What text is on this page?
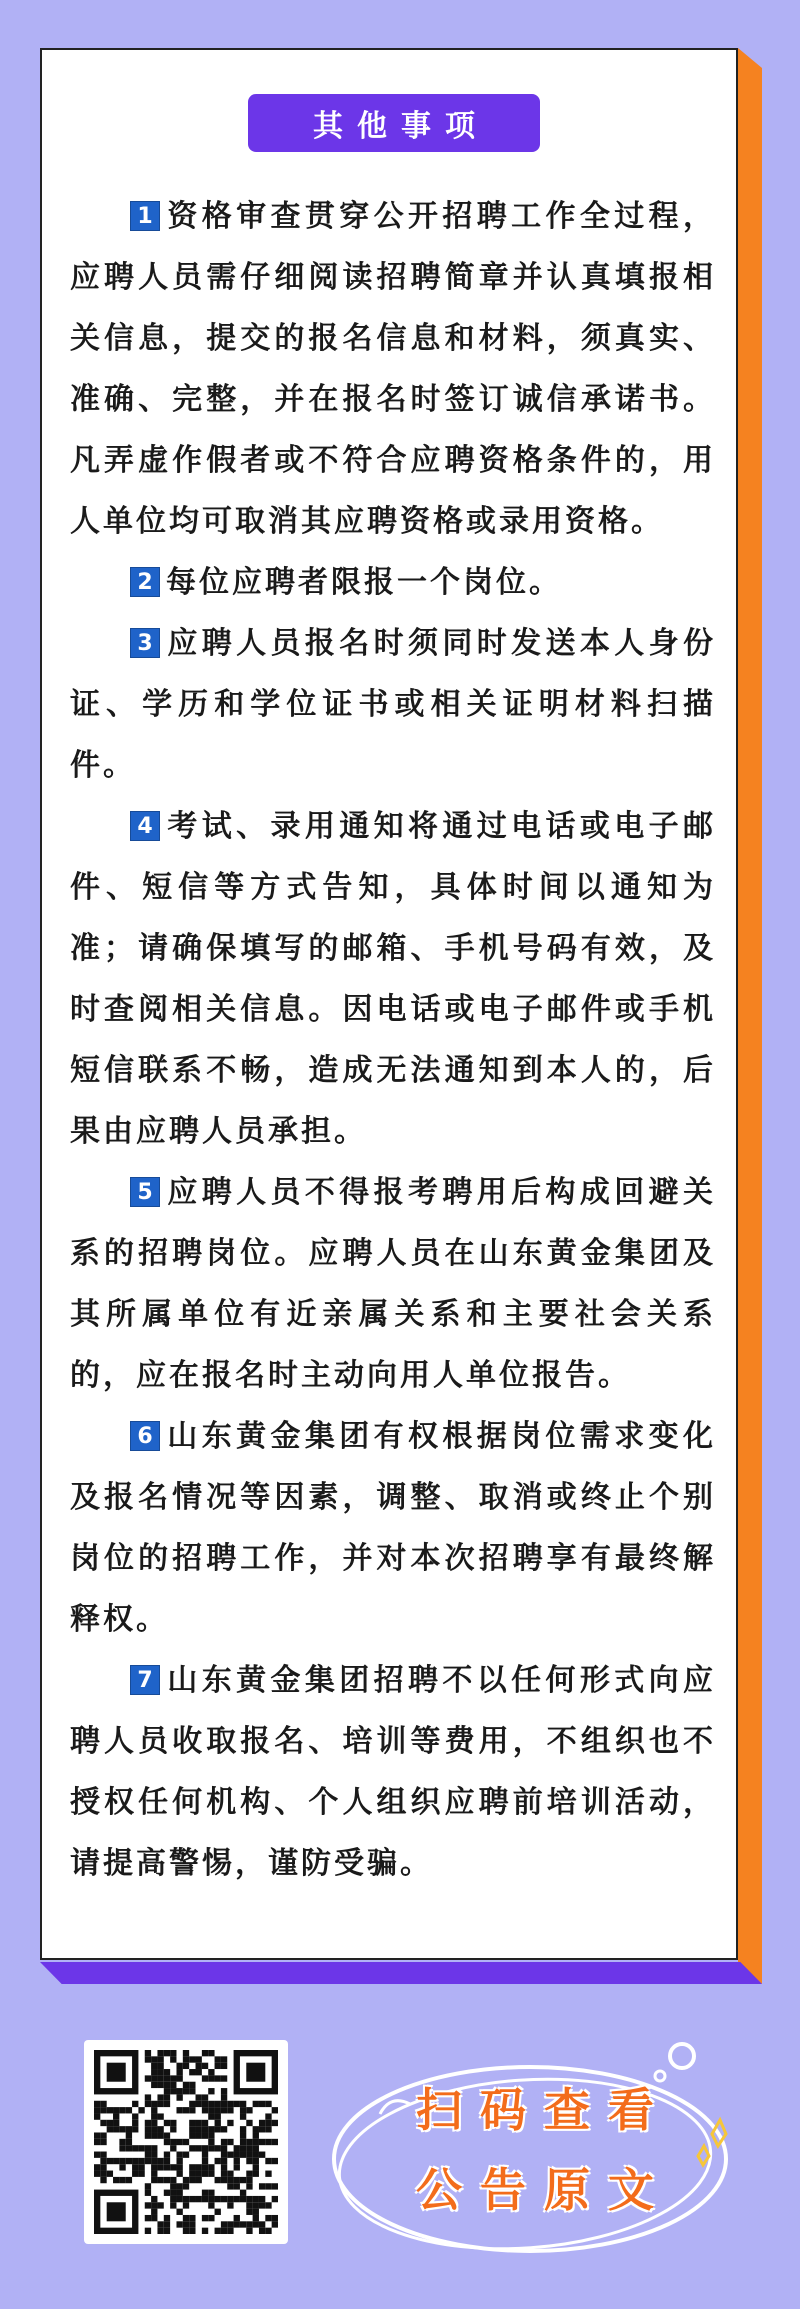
其他事项

1 资格审查贯穿公开招聘工作全过程，应聘人员需仔细阅读招聘简章并认真填报相关信息，提交的报名信息和材料，须真实、准确、完整，并在报名时签订诚信承诺书。凡弄虚作假者或不符合应聘资格条件的，用人单位均可取消其应聘资格或录用资格。

2 每位应聘者限报一个岗位。

3 应聘人员报名时须同时发送本人身份证、学历和学位证书或相关证明材料扫描件。

4 考试、录用通知将通过电话或电子邮件、短信等方式告知，具体时间以通知为准；请确保填写的邮箱、手机号码有效，及时查阅相关信息。因电话或电子邮件或手机短信联系不畅，造成无法通知到本人的，后果由应聘人员承担。

5 应聘人员不得报考聘用后构成回避关系的招聘岗位。应聘人员在山东黄金集团及其所属单位有近亲属关系和主要社会关系的，应在报名时主动向用人单位报告。

6 山东黄金集团有权根据岗位需求变化及报名情况等因素，调整、取消或终止个别岗位的招聘工作，并对本次招聘享有最终解释权。

7 山东黄金集团招聘不以任何形式向应聘人员收取报名、培训等费用，不组织也不授权任何机构、个人组织应聘前培训活动，请提高警惕，谨防受骗。

扫码查看
公告原文
